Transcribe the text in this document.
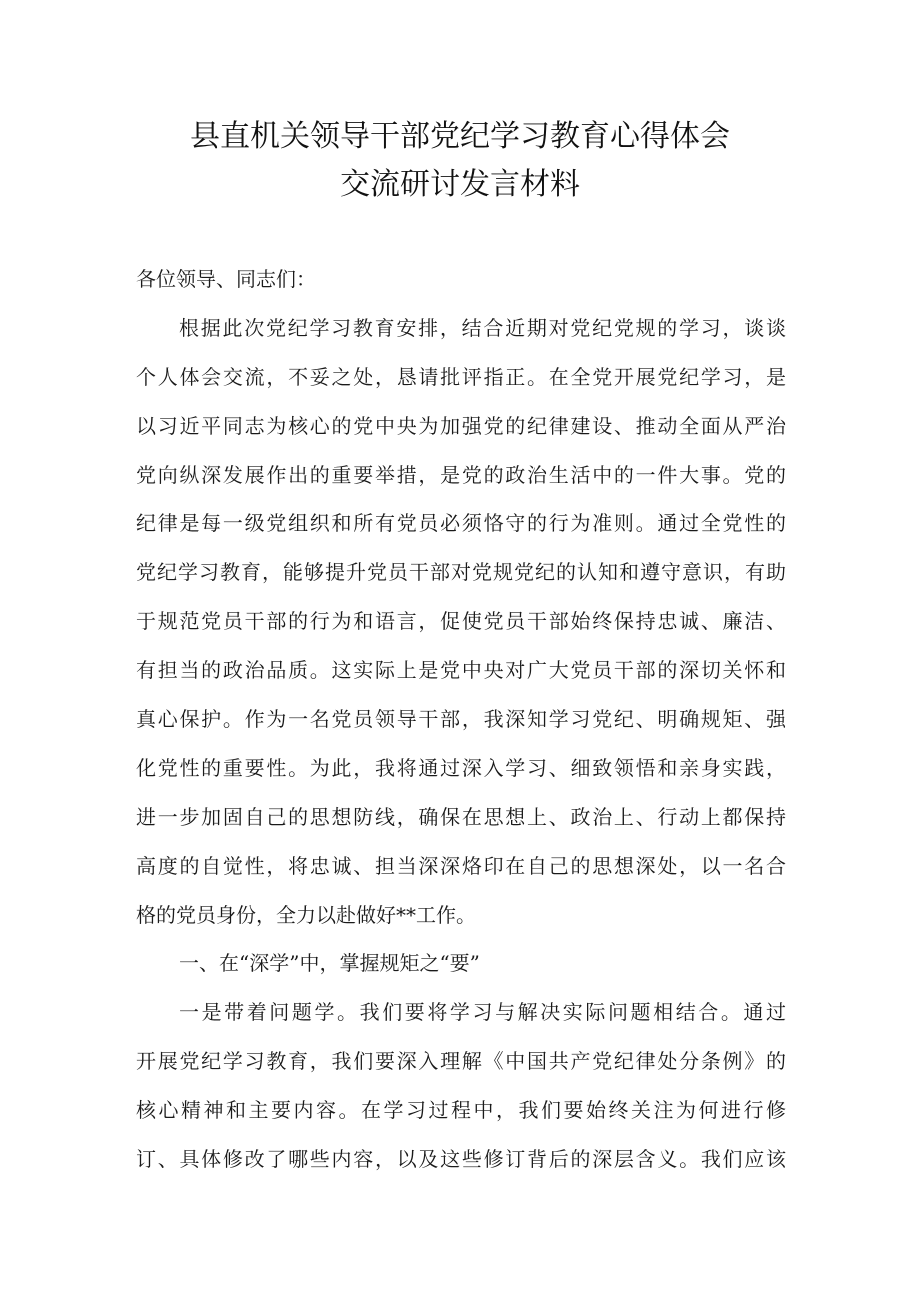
县直机关领导干部党纪学习教育心得体会
交流研讨发言材料
各位领导、同志们：
根据此次党纪学习教育安排，结合近期对党纪党规的学习，谈谈
个人体会交流，不妥之处，恳请批评指正。在全党开展党纪学习，是
以习近平同志为核心的党中央为加强党的纪律建设、推动全面从严治
党向纵深发展作出的重要举措，是党的政治生活中的一件大事。党的
纪律是每一级党组织和所有党员必须恪守的行为准则。通过全党性的
党纪学习教育，能够提升党员干部对党规党纪的认知和遵守意识，有助
于规范党员干部的行为和语言，促使党员干部始终保持忠诚、廉洁、
有担当的政治品质。这实际上是党中央对广大党员干部的深切关怀和
真心保护。作为一名党员领导干部，我深知学习党纪、明确规矩、强
化党性的重要性。为此，我将通过深入学习、细致领悟和亲身实践，
进一步加固自己的思想防线，确保在思想上、政治上、行动上都保持
高度的自觉性，将忠诚、担当深深烙印在自己的思想深处，以一名合
格的党员身份，全力以赴做好**工作。
一、在“深学”中，掌握规矩之“要”
一是带着问题学。我们要将学习与解决实际问题相结合。通过
开展党纪学习教育，我们要深入理解《中国共产党纪律处分条例》的
核心精神和主要内容。在学习过程中，我们要始终关注为何进行修
订、具体修改了哪些内容，以及这些修订背后的深层含义。我们应该
